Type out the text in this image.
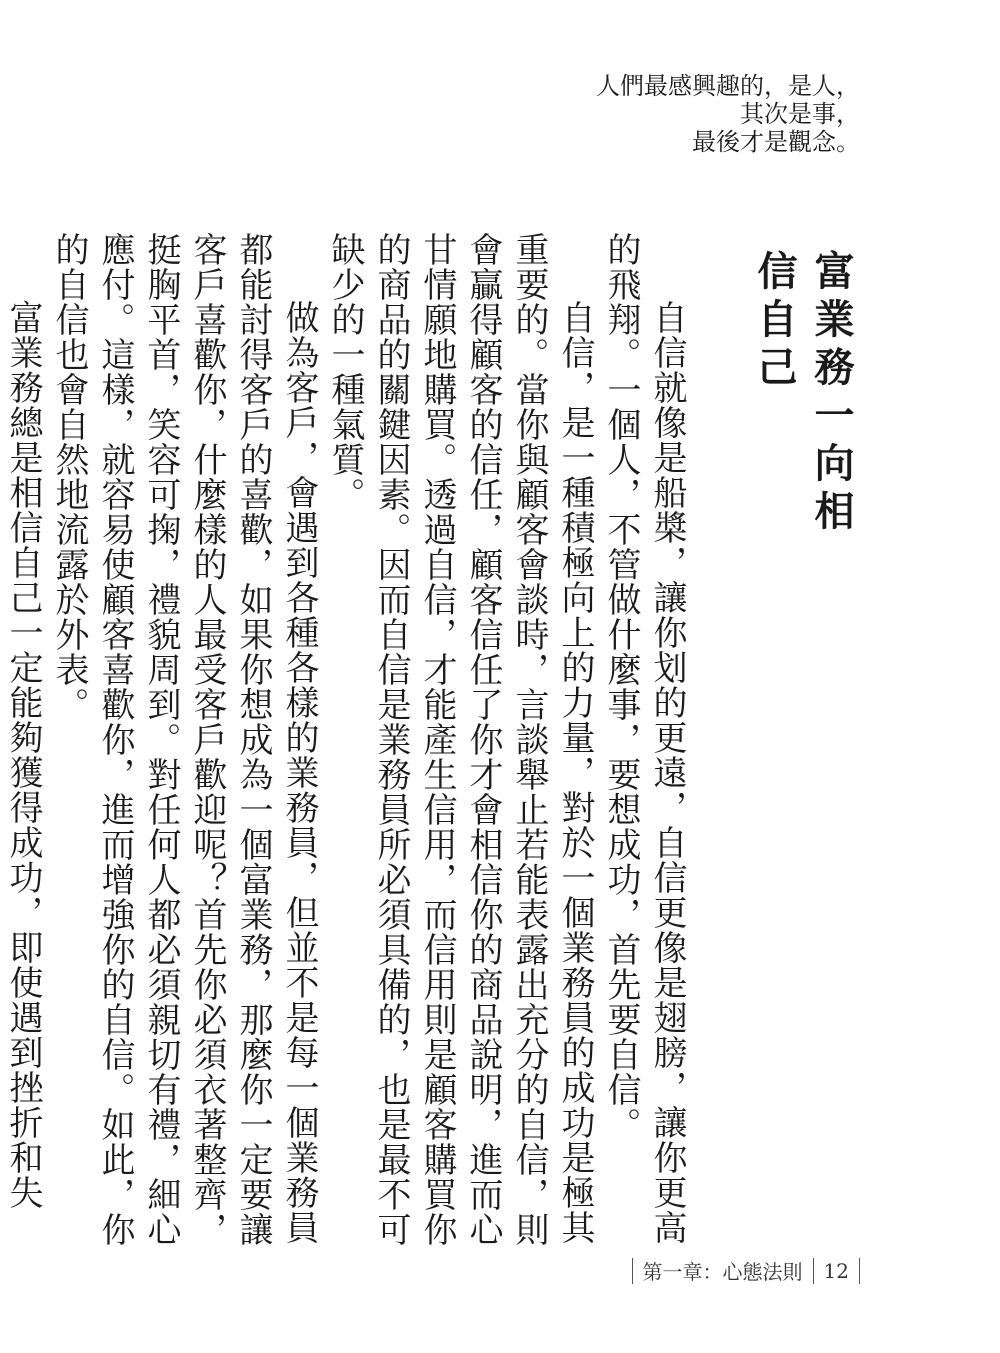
人們最感興趣的，是人，
其次是事，
最後才是觀念。
富業務一向相信自己

自信就像是船槳，讓你划的更遠，自信更像是翅膀，讓你更高的飛翔。一個人，不管做什麼事，要想成功，首先要自信。

自信，是一種積極向上的力量，對於一個業務員的成功是極其重要的。當你與顧客會談時，言談舉止若能表露出充分的自信，則會贏得顧客的信任，顧客信任了你才會相信你的商品說明，進而心甘情願地購買。透過自信，才能產生信用，而信用則是顧客購買你的商品的關鍵因素。因而自信是業務員所必須具備的，也是最不可缺少的一種氣質。

做為客戶，會遇到各種各樣的業務員，但並不是每一個業務員都能討得客戶的喜歡，如果你想成為一個富業務，那麼你一定要讓客戶喜歡你，什麼樣的人最受客戶歡迎呢？首先你必須衣著整齊，挺胸平首，笑容可掬，禮貌周到。對任何人都必須親切有禮，細心應付。這樣，就容易使顧客喜歡你，進而增強你的自信。如此，你的自信也會自然地流露於外表。

富業務總是相信自己一定能夠獲得成功，即使遇到挫折和失

第一章：心態法則 12
